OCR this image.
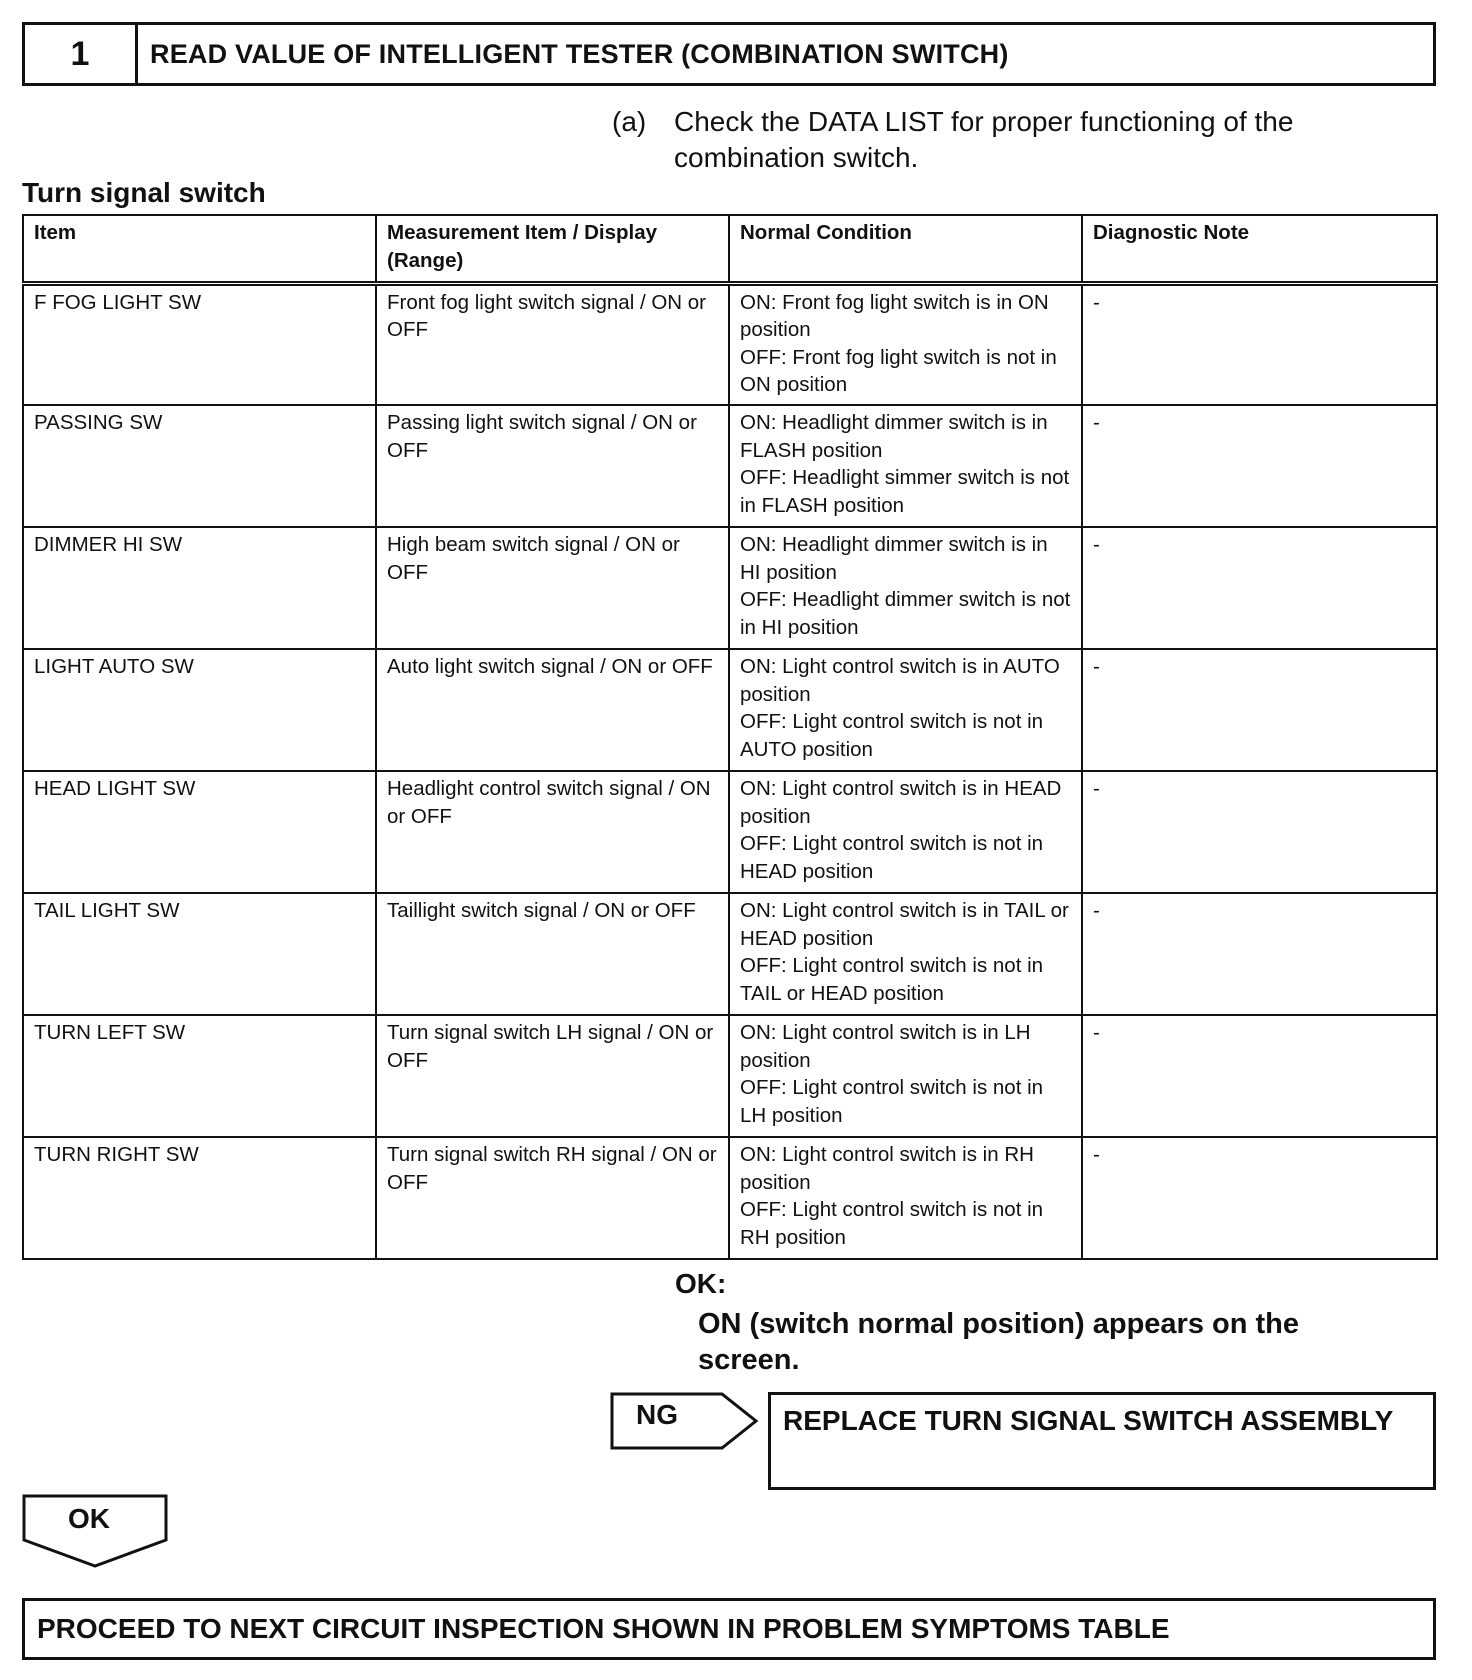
1	READ VALUE OF INTELLIGENT TESTER (COMBINATION SWITCH)
(a) Check the DATA LIST for proper functioning of the combination switch.
Turn signal switch
Item	Measurement Item / Display (Range)	Normal Condition	Diagnostic Note
F FOG LIGHT SW	Front fog light switch signal / ON or OFF	ON: Front fog light switch is in ON position
OFF: Front fog light switch is not in ON position	-
PASSING SW	Passing light switch signal / ON or OFF	ON: Headlight dimmer switch is in FLASH position
OFF: Headlight simmer switch is not in FLASH position	-
DIMMER HI SW	High beam switch signal / ON or OFF	ON: Headlight dimmer switch is in HI position
OFF: Headlight dimmer switch is not in HI position	-
LIGHT AUTO SW	Auto light switch signal / ON or OFF	ON: Light control switch is in AUTO position
OFF: Light control switch is not in AUTO position	-
HEAD LIGHT SW	Headlight control switch signal / ON or OFF	ON: Light control switch is in HEAD position
OFF: Light control switch is not in HEAD position	-
TAIL LIGHT SW	Taillight switch signal / ON or OFF	ON: Light control switch is in TAIL or HEAD position
OFF: Light control switch is not in TAIL or HEAD position	-
TURN LEFT SW	Turn signal switch LH signal / ON or OFF	ON: Light control switch is in LH position
OFF: Light control switch is not in LH position	-
TURN RIGHT SW	Turn signal switch RH signal / ON or OFF	ON: Light control switch is in RH position
OFF: Light control switch is not in RH position	-
OK:
ON (switch normal position) appears on the screen.
NG	REPLACE TURN SIGNAL SWITCH ASSEMBLY
OK
PROCEED TO NEXT CIRCUIT INSPECTION SHOWN IN PROBLEM SYMPTOMS TABLE
